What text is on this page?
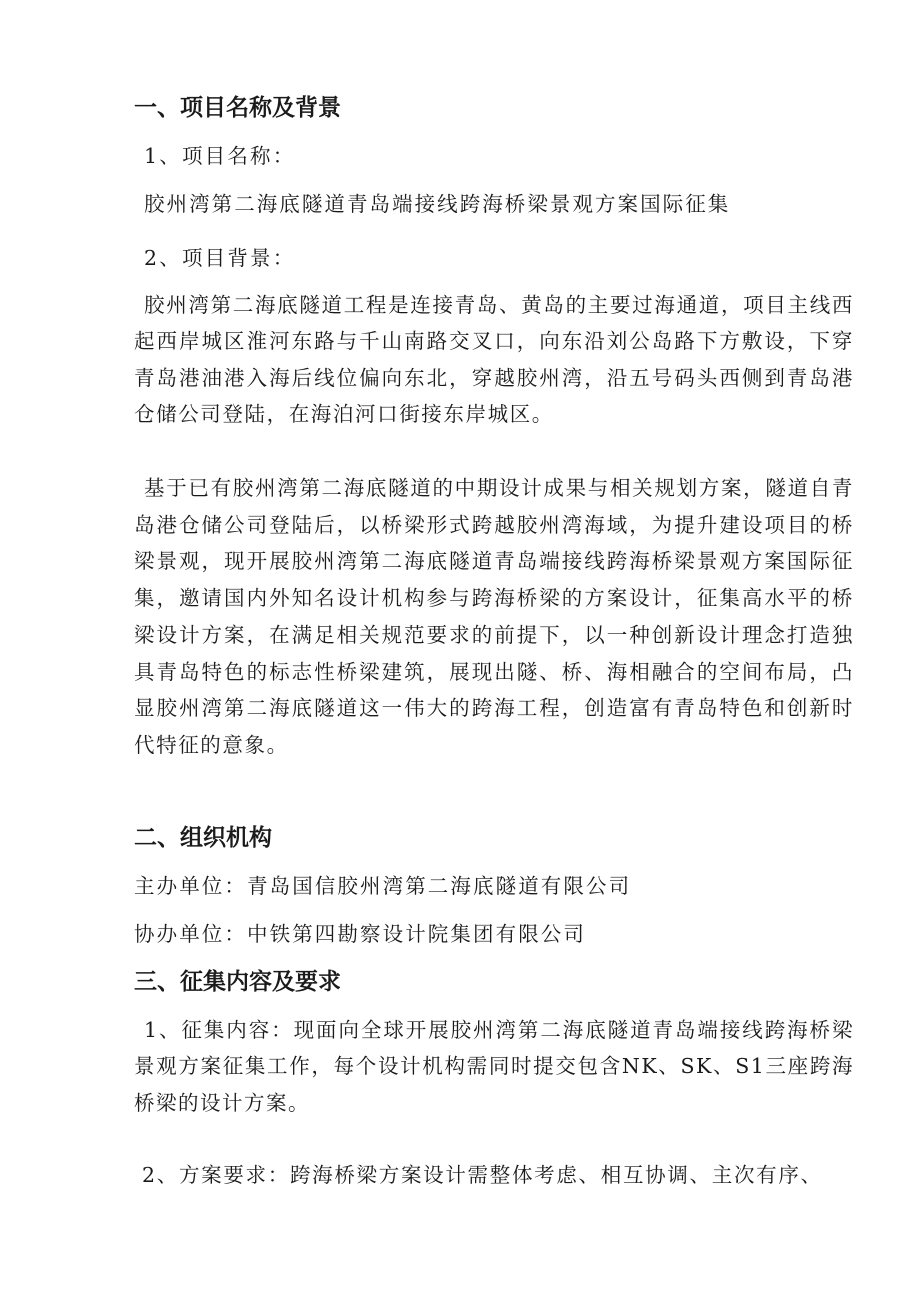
一、项目名称及背景
1、项目名称：
胶州湾第二海底隧道青岛端接线跨海桥梁景观方案国际征集
2、项目背景：
胶州湾第二海底隧道工程是连接青岛、黄岛的主要过海通道，项目主线西起西岸城区淮河东路与千山南路交叉口，向东沿刘公岛路下方敷设，下穿青岛港油港入海后线位偏向东北，穿越胶州湾，沿五号码头西侧到青岛港仓储公司登陆，在海泊河口街接东岸城区。
基于已有胶州湾第二海底隧道的中期设计成果与相关规划方案，隧道自青岛港仓储公司登陆后，以桥梁形式跨越胶州湾海域，为提升建设项目的桥梁景观，现开展胶州湾第二海底隧道青岛端接线跨海桥梁景观方案国际征集，邀请国内外知名设计机构参与跨海桥梁的方案设计，征集高水平的桥梁设计方案，在满足相关规范要求的前提下，以一种创新设计理念打造独具青岛特色的标志性桥梁建筑，展现出隧、桥、海相融合的空间布局，凸显胶州湾第二海底隧道这一伟大的跨海工程，创造富有青岛特色和创新时代特征的意象。
二、组织机构
主办单位：青岛国信胶州湾第二海底隧道有限公司
协办单位：中铁第四勘察设计院集团有限公司
三、征集内容及要求
1、征集内容：现面向全球开展胶州湾第二海底隧道青岛端接线跨海桥梁景观方案征集工作，每个设计机构需同时提交包含NK、SK、S1三座跨海桥梁的设计方案。
2、方案要求：跨海桥梁方案设计需整体考虑、相互协调、主次有序、
